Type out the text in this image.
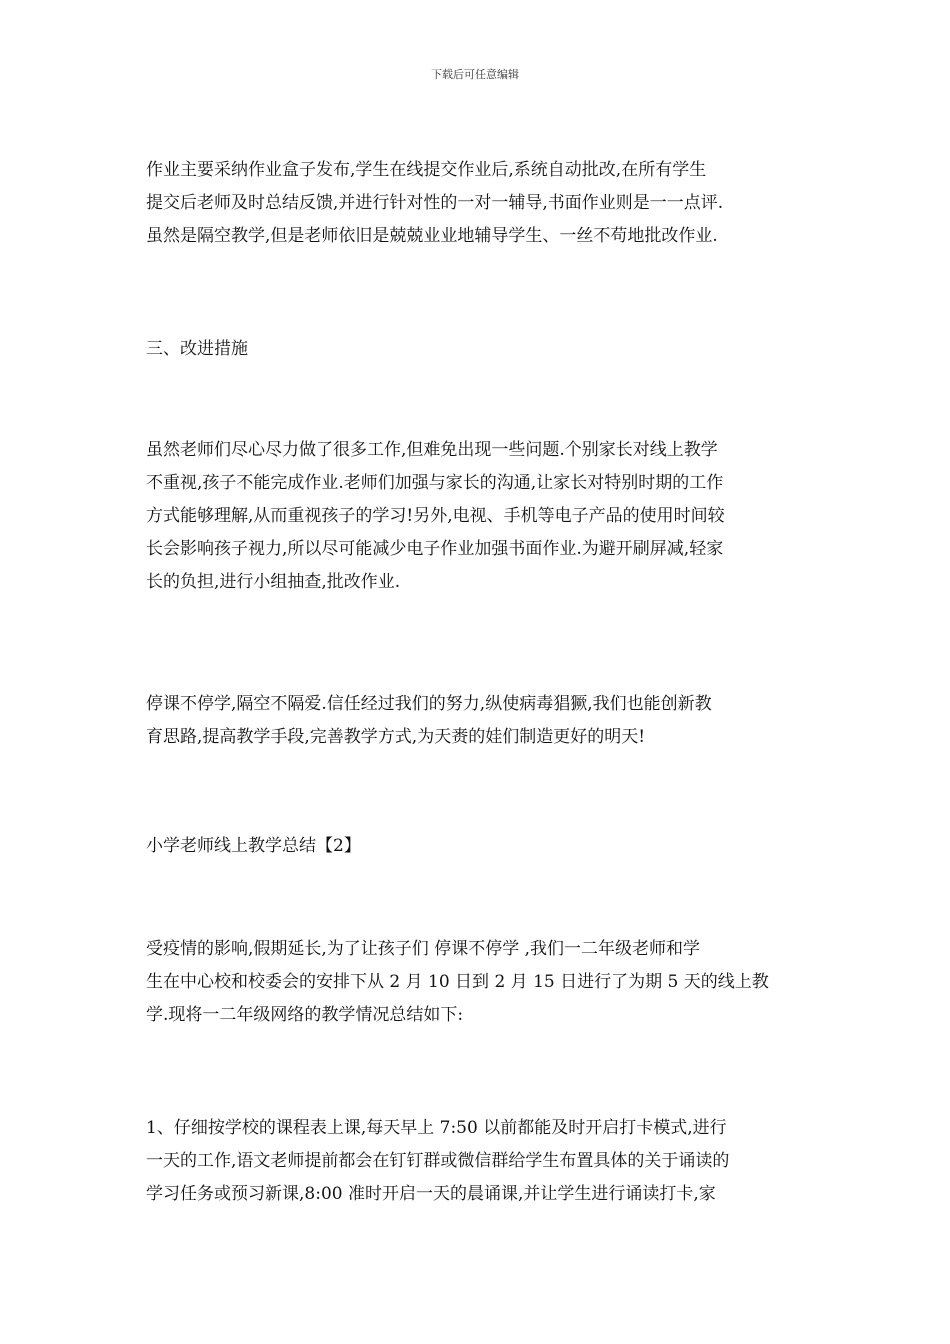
下载后可任意编辑
作业主要采纳作业盒子发布,学生在线提交作业后,系统自动批改,在所有学生
提交后老师及时总结反馈,并进行针对性的一对一辅导,书面作业则是一一点评.
虽然是隔空教学,但是老师依旧是兢兢业业地辅导学生、一丝不苟地批改作业.
三、改进措施
虽然老师们尽心尽力做了很多工作,但难免出现一些问题.个别家长对线上教学
不重视,孩子不能完成作业.老师们加强与家长的沟通,让家长对特别时期的工作
方式能够理解,从而重视孩子的学习!另外,电视、手机等电子产品的使用时间较
长会影响孩子视力,所以尽可能减少电子作业加强书面作业.为避开刷屏减,轻家
长的负担,进行小组抽查,批改作业.
停课不停学,隔空不隔爱.信任经过我们的努力,纵使病毒猖獗,我们也能创新教
育思路,提高教学手段,完善教学方式,为天赉的娃们制造更好的明天!
小学老师线上教学总结【2】
受疫情的影响,假期延长,为了让孩子们 停课不停学 ,我们一二年级老师和学
生在中心校和校委会的安排下从 2 月 10 日到 2 月 15 日进行了为期 5 天的线上教
学.现将一二年级网络的教学情况总结如下:
1、仔细按学校的课程表上课,每天早上 7:50 以前都能及时开启打卡模式,进行
一天的工作,语文老师提前都会在钉钉群或微信群给学生布置具体的关于诵读的
学习任务或预习新课,8:00 准时开启一天的晨诵课,并让学生进行诵读打卡,家
